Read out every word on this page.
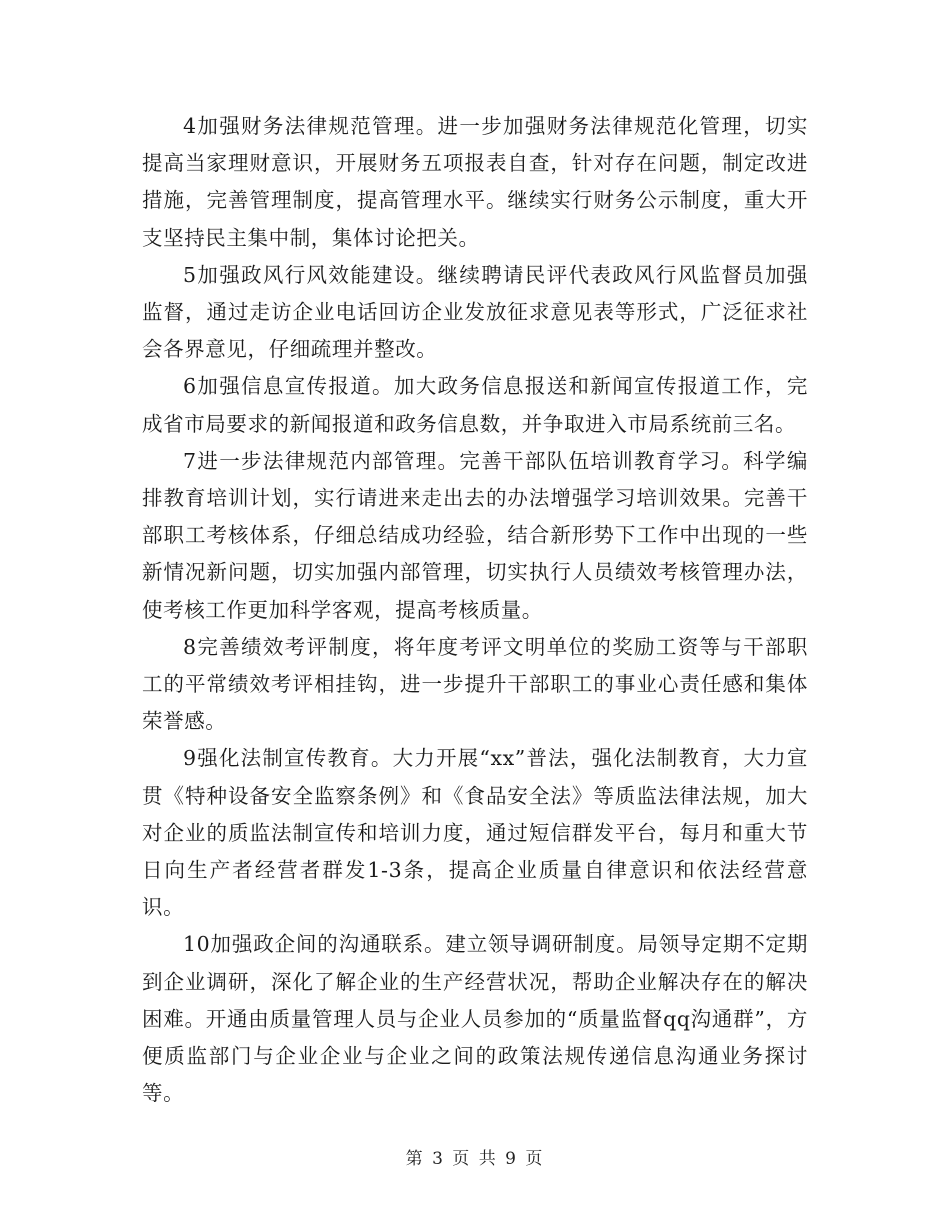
4加强财务法律规范管理。进一步加强财务法律规范化管理，切实提高当家理财意识，开展财务五项报表自查，针对存在问题，制定改进措施，完善管理制度，提高管理水平。继续实行财务公示制度，重大开支坚持民主集中制，集体讨论把关。

5加强政风行风效能建设。继续聘请民评代表政风行风监督员加强监督，通过走访企业电话回访企业发放征求意见表等形式，广泛征求社会各界意见，仔细疏理并整改。

6加强信息宣传报道。加大政务信息报送和新闻宣传报道工作，完成省市局要求的新闻报道和政务信息数，并争取进入市局系统前三名。

7进一步法律规范内部管理。完善干部队伍培训教育学习。科学编排教育培训计划，实行请进来走出去的办法增强学习培训效果。完善干部职工考核体系，仔细总结成功经验，结合新形势下工作中出现的一些新情况新问题，切实加强内部管理，切实执行人员绩效考核管理办法，使考核工作更加科学客观，提高考核质量。

8完善绩效考评制度，将年度考评文明单位的奖励工资等与干部职工的平常绩效考评相挂钩，进一步提升干部职工的事业心责任感和集体荣誉感。

9强化法制宣传教育。大力开展“xx”普法，强化法制教育，大力宣贯《特种设备安全监察条例》和《食品安全法》等质监法律法规，加大对企业的质监法制宣传和培训力度，通过短信群发平台，每月和重大节日向生产者经营者群发1-3条，提高企业质量自律意识和依法经营意识。

10加强政企间的沟通联系。建立领导调研制度。局领导定期不定期到企业调研，深化了解企业的生产经营状况，帮助企业解决存在的解决困难。开通由质量管理人员与企业人员参加的“质量监督qq沟通群”，方便质监部门与企业企业与企业之间的政策法规传递信息沟通业务探讨等。

第 3 页 共 9 页
